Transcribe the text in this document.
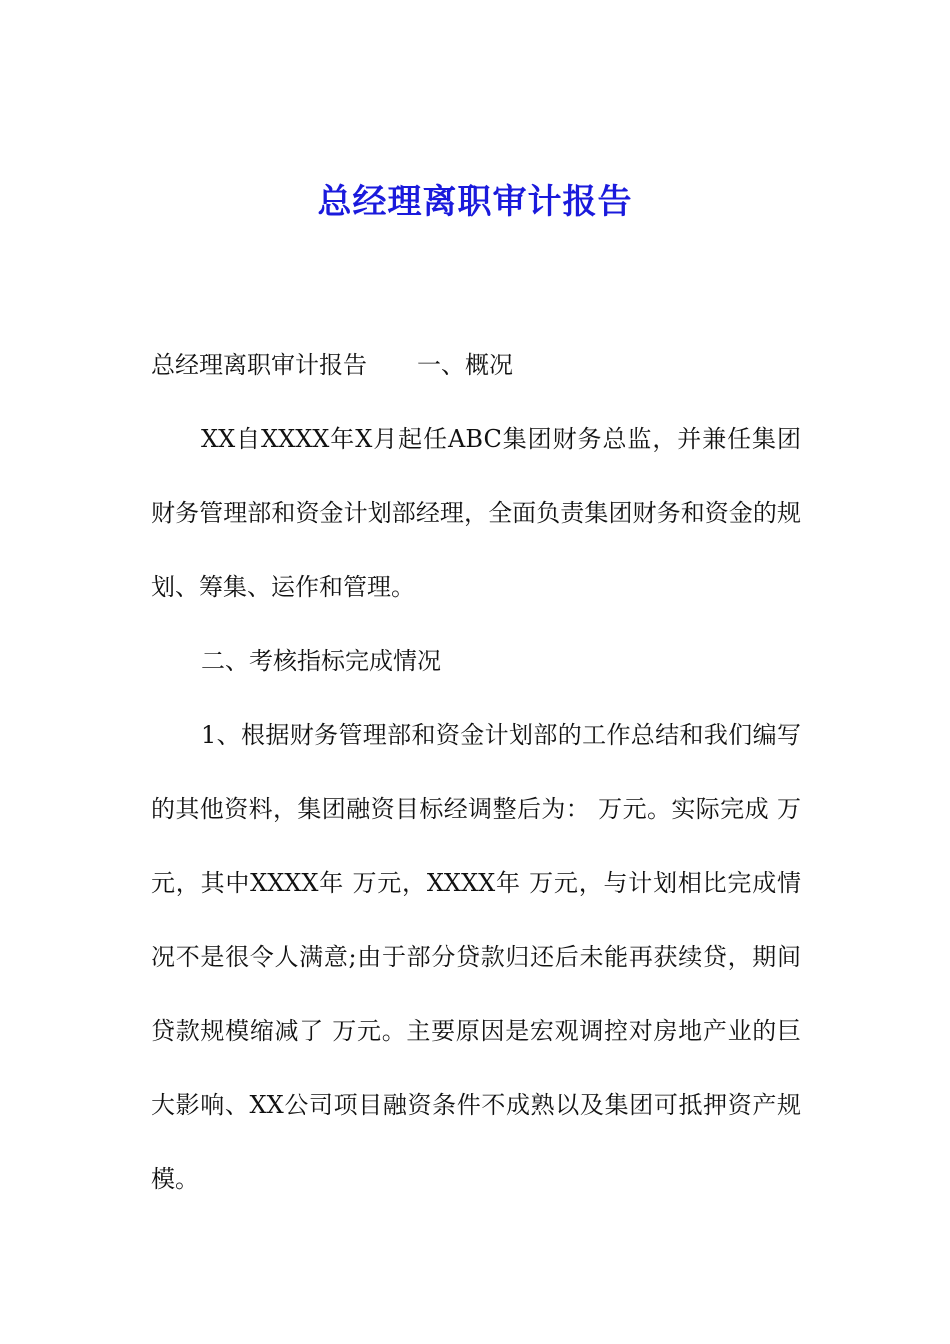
总经理离职审计报告

总经理离职审计报告 一、概况

XX自XXXX年X月起任ABC集团财务总监，并兼任集团财务管理部和资金计划部经理，全面负责集团财务和资金的规划、筹集、运作和管理。

二、考核指标完成情况

1、根据财务管理部和资金计划部的工作总结和我们编写的其他资料，集团融资目标经调整后为： 万元。实际完成 万元，其中XXXX年 万元，XXXX年 万元，与计划相比完成情况不是很令人满意;由于部分贷款归还后未能再获续贷，期间贷款规模缩减了 万元。主要原因是宏观调控对房地产业的巨大影响、XX公司项目融资条件不成熟以及集团可抵押资产规模。
